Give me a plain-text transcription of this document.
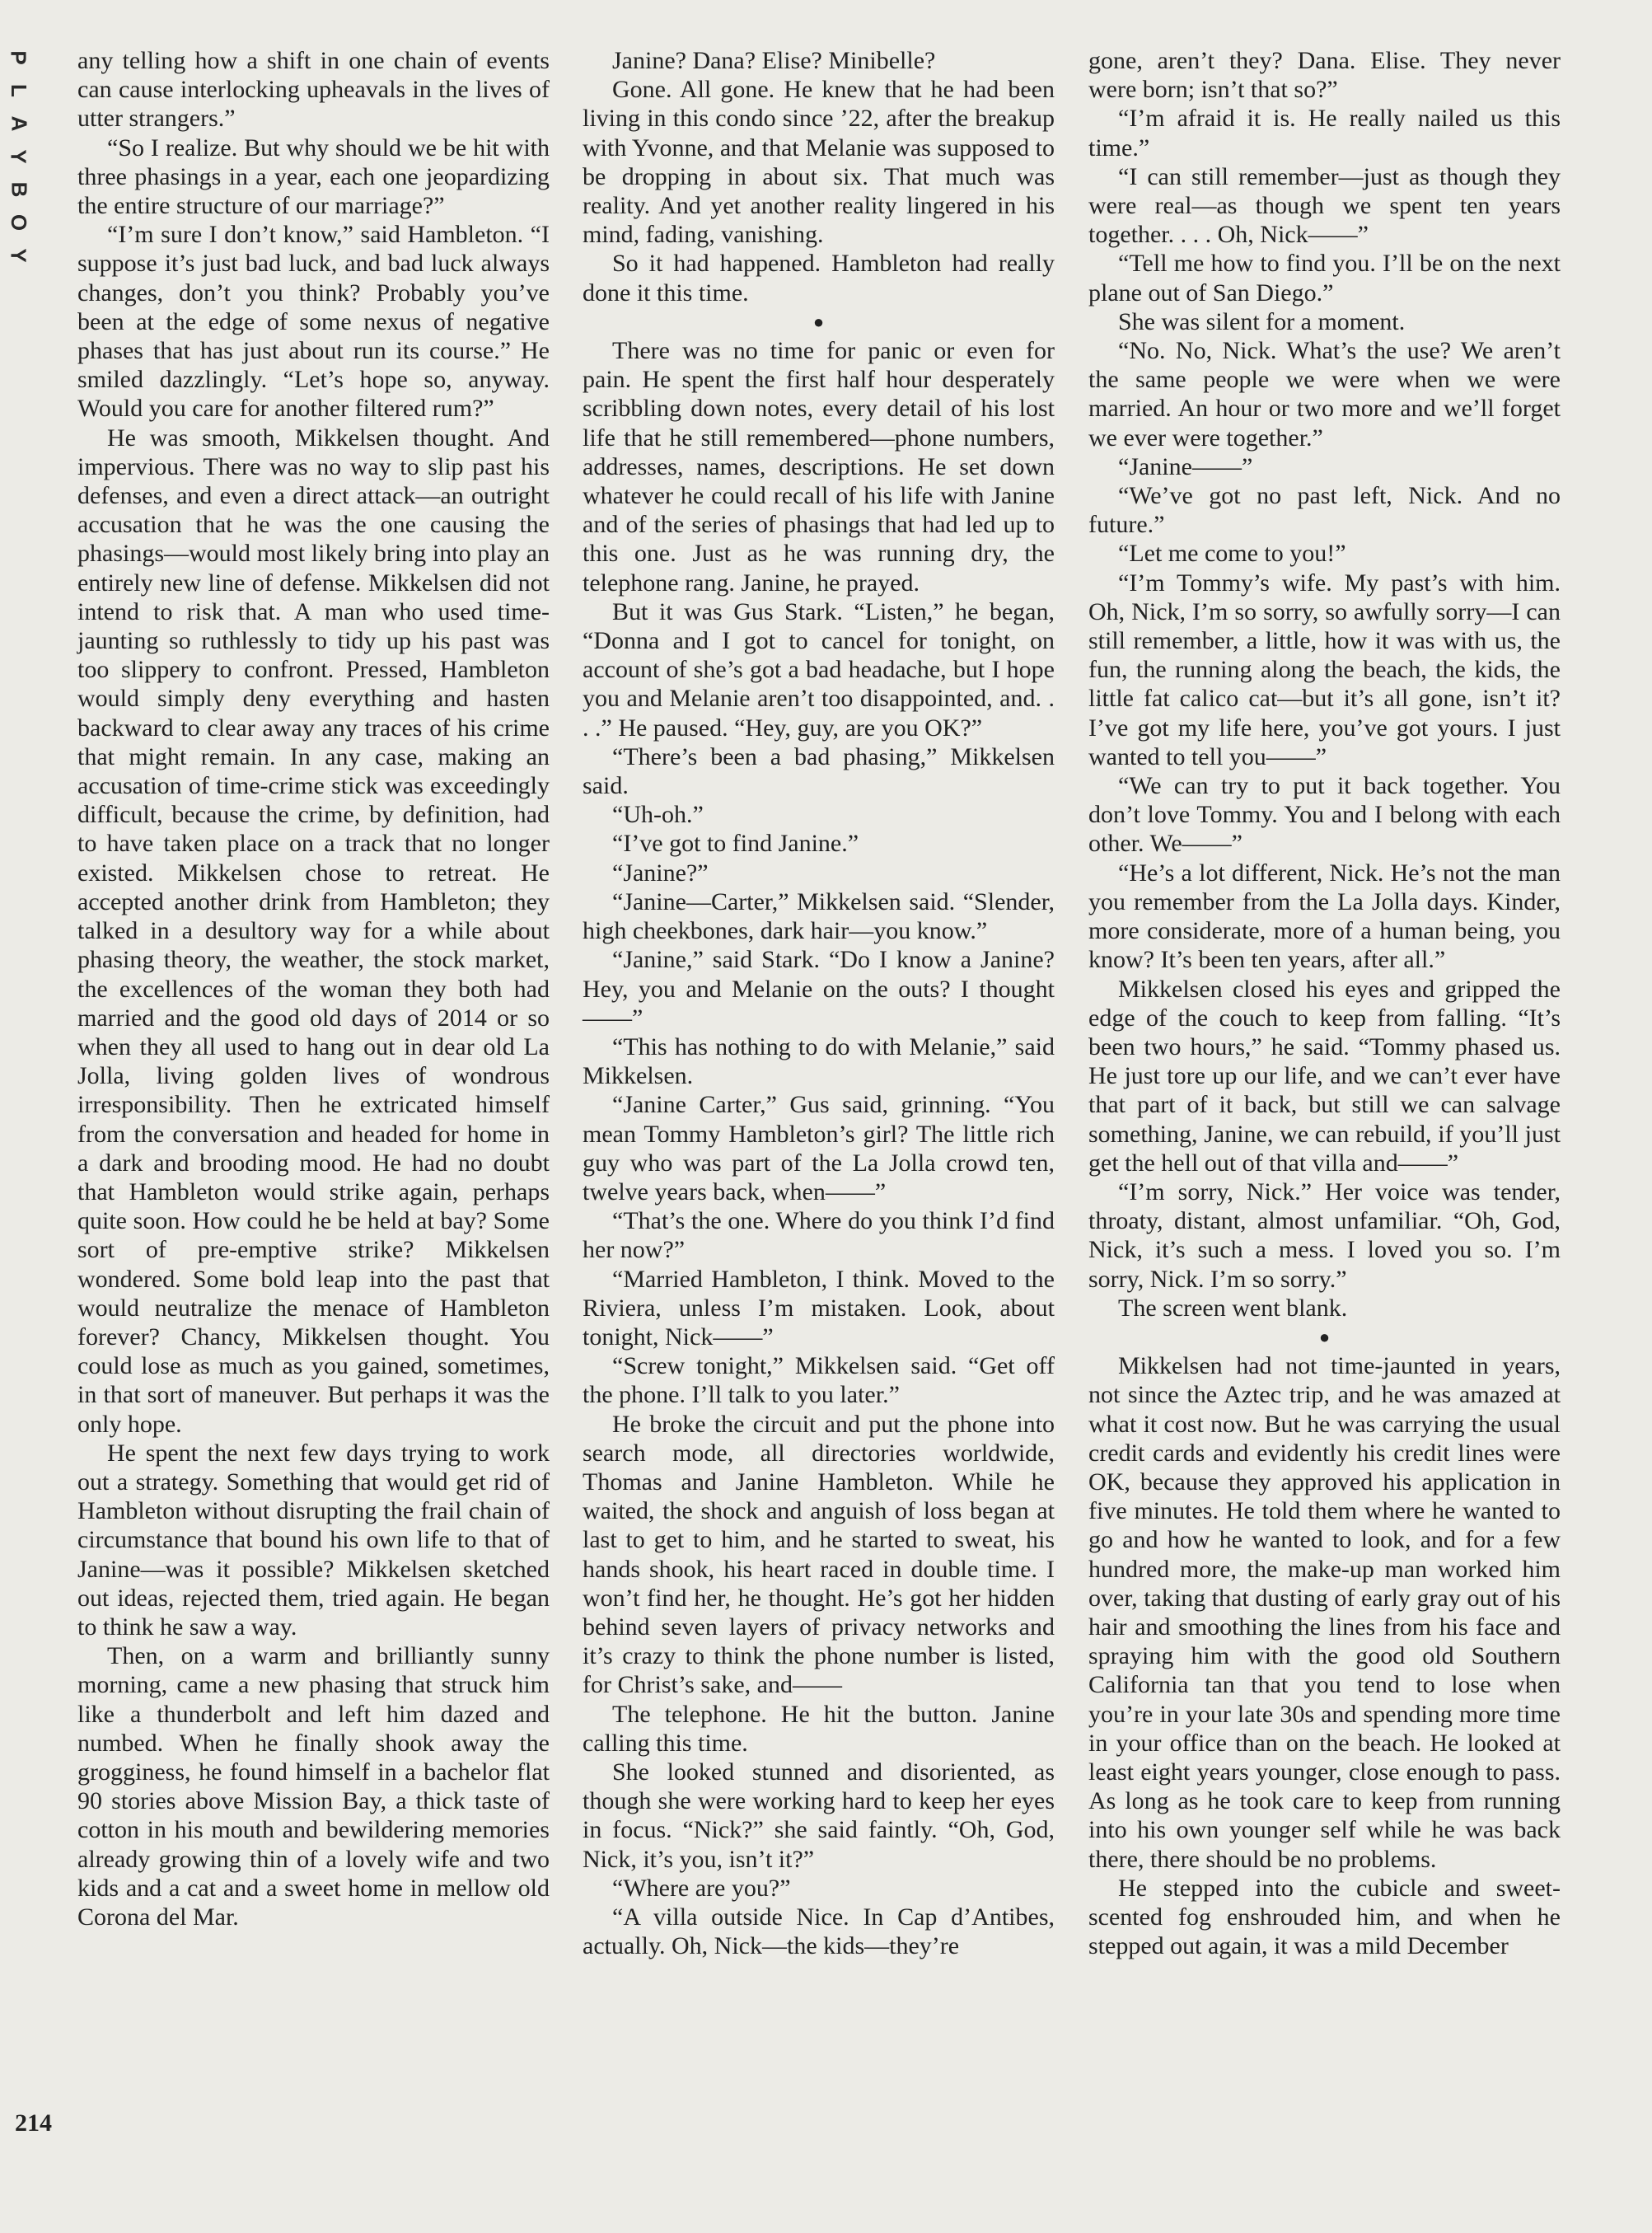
P
L
A
Y
B
O
Y
214

any telling how a shift in one chain of events can cause interlocking upheavals in the lives of utter strangers.”

“So I realize. But why should we be hit with three phasings in a year, each one jeopardizing the entire structure of our marriage?”

“I’m sure I don’t know,” said Hambleton. “I suppose it’s just bad luck, and bad luck always changes, don’t you think? Probably you’ve been at the edge of some nexus of negative phases that has just about run its course.” He smiled dazzlingly. “Let’s hope so, anyway. Would you care for another filtered rum?”

He was smooth, Mikkelsen thought. And impervious. There was no way to slip past his defenses, and even a direct attack—an outright accusation that he was the one causing the phasings—would most likely bring into play an entirely new line of defense. Mikkelsen did not intend to risk that. A man who used time-jaunting so ruthlessly to tidy up his past was too slippery to confront. Pressed, Hambleton would simply deny everything and hasten backward to clear away any traces of his crime that might remain. In any case, making an accusation of time-crime stick was exceedingly difficult, because the crime, by definition, had to have taken place on a track that no longer existed. Mikkelsen chose to retreat. He accepted another drink from Hambleton; they talked in a desultory way for a while about phasing theory, the weather, the stock market, the excellences of the woman they both had married and the good old days of 2014 or so when they all used to hang out in dear old La Jolla, living golden lives of wondrous irresponsibility. Then he extricated himself from the conversation and headed for home in a dark and brooding mood. He had no doubt that Hambleton would strike again, perhaps quite soon. How could he be held at bay? Some sort of pre-emptive strike? Mikkelsen wondered. Some bold leap into the past that would neutralize the menace of Hambleton forever? Chancy, Mikkelsen thought. You could lose as much as you gained, sometimes, in that sort of maneuver. But perhaps it was the only hope.

He spent the next few days trying to work out a strategy. Something that would get rid of Hambleton without disrupting the frail chain of circumstance that bound his own life to that of Janine—was it possible? Mikkelsen sketched out ideas, rejected them, tried again. He began to think he saw a way.

Then, on a warm and brilliantly sunny morning, came a new phasing that struck him like a thunderbolt and left him dazed and numbed. When he finally shook away the grogginess, he found himself in a bachelor flat 90 stories above Mission Bay, a thick taste of cotton in his mouth and bewildering memories already growing thin of a lovely wife and two kids and a cat and a sweet home in mellow old Corona del Mar.

Janine? Dana? Elise? Minibelle?

Gone. All gone. He knew that he had been living in this condo since ’22, after the breakup with Yvonne, and that Melanie was supposed to be dropping in about six. That much was reality. And yet another reality lingered in his mind, fading, vanishing.

So it had happened. Hambleton had really done it this time.

●

There was no time for panic or even for pain. He spent the first half hour desperately scribbling down notes, every detail of his lost life that he still remembered—phone numbers, addresses, names, descriptions. He set down whatever he could recall of his life with Janine and of the series of phasings that had led up to this one. Just as he was running dry, the telephone rang. Janine, he prayed.

But it was Gus Stark. “Listen,” he began, “Donna and I got to cancel for tonight, on account of she’s got a bad headache, but I hope you and Melanie aren’t too disappointed, and. . . .” He paused. “Hey, guy, are you OK?”

“There’s been a bad phasing,” Mikkelsen said.

“Uh-oh.”

“I’ve got to find Janine.”

“Janine?”

“Janine—Carter,” Mikkelsen said. “Slender, high cheekbones, dark hair—you know.”

“Janine,” said Stark. “Do I know a Janine? Hey, you and Melanie on the outs? I thought——”

“This has nothing to do with Melanie,” said Mikkelsen.

“Janine Carter,” Gus said, grinning. “You mean Tommy Hambleton’s girl? The little rich guy who was part of the La Jolla crowd ten, twelve years back, when——”

“That’s the one. Where do you think I’d find her now?”

“Married Hambleton, I think. Moved to the Riviera, unless I’m mistaken. Look, about tonight, Nick——”

“Screw tonight,” Mikkelsen said. “Get off the phone. I’ll talk to you later.”

He broke the circuit and put the phone into search mode, all directories worldwide, Thomas and Janine Hambleton. While he waited, the shock and anguish of loss began at last to get to him, and he started to sweat, his hands shook, his heart raced in double time. I won’t find her, he thought. He’s got her hidden behind seven layers of privacy networks and it’s crazy to think the phone number is listed, for Christ’s sake, and——

The telephone. He hit the button. Janine calling this time.

She looked stunned and disoriented, as though she were working hard to keep her eyes in focus. “Nick?” she said faintly. “Oh, God, Nick, it’s you, isn’t it?”

“Where are you?”

“A villa outside Nice. In Cap d’Antibes, actually. Oh, Nick—the kids—they’re

gone, aren’t they? Dana. Elise. They never were born; isn’t that so?”

“I’m afraid it is. He really nailed us this time.”

“I can still remember—just as though they were real—as though we spent ten years together. . . . Oh, Nick——”

“Tell me how to find you. I’ll be on the next plane out of San Diego.”

She was silent for a moment.

“No. No, Nick. What’s the use? We aren’t the same people we were when we were married. An hour or two more and we’ll forget we ever were together.”

“Janine——”

“We’ve got no past left, Nick. And no future.”

“Let me come to you!”

“I’m Tommy’s wife. My past’s with him. Oh, Nick, I’m so sorry, so awfully sorry—I can still remember, a little, how it was with us, the fun, the running along the beach, the kids, the little fat calico cat—but it’s all gone, isn’t it? I’ve got my life here, you’ve got yours. I just wanted to tell you——”

“We can try to put it back together. You don’t love Tommy. You and I belong with each other. We——”

“He’s a lot different, Nick. He’s not the man you remember from the La Jolla days. Kinder, more considerate, more of a human being, you know? It’s been ten years, after all.”

Mikkelsen closed his eyes and gripped the edge of the couch to keep from falling. “It’s been two hours,” he said. “Tommy phased us. He just tore up our life, and we can’t ever have that part of it back, but still we can salvage something, Janine, we can rebuild, if you’ll just get the hell out of that villa and——”

“I’m sorry, Nick.” Her voice was tender, throaty, distant, almost unfamiliar. “Oh, God, Nick, it’s such a mess. I loved you so. I’m sorry, Nick. I’m so sorry.”

The screen went blank.

●

Mikkelsen had not time-jaunted in years, not since the Aztec trip, and he was amazed at what it cost now. But he was carrying the usual credit cards and evidently his credit lines were OK, because they approved his application in five minutes. He told them where he wanted to go and how he wanted to look, and for a few hundred more, the make-up man worked him over, taking that dusting of early gray out of his hair and smoothing the lines from his face and spraying him with the good old Southern California tan that you tend to lose when you’re in your late 30s and spending more time in your office than on the beach. He looked at least eight years younger, close enough to pass. As long as he took care to keep from running into his own younger self while he was back there, there should be no problems.

He stepped into the cubicle and sweet-scented fog enshrouded him, and when he stepped out again, it was a mild December
